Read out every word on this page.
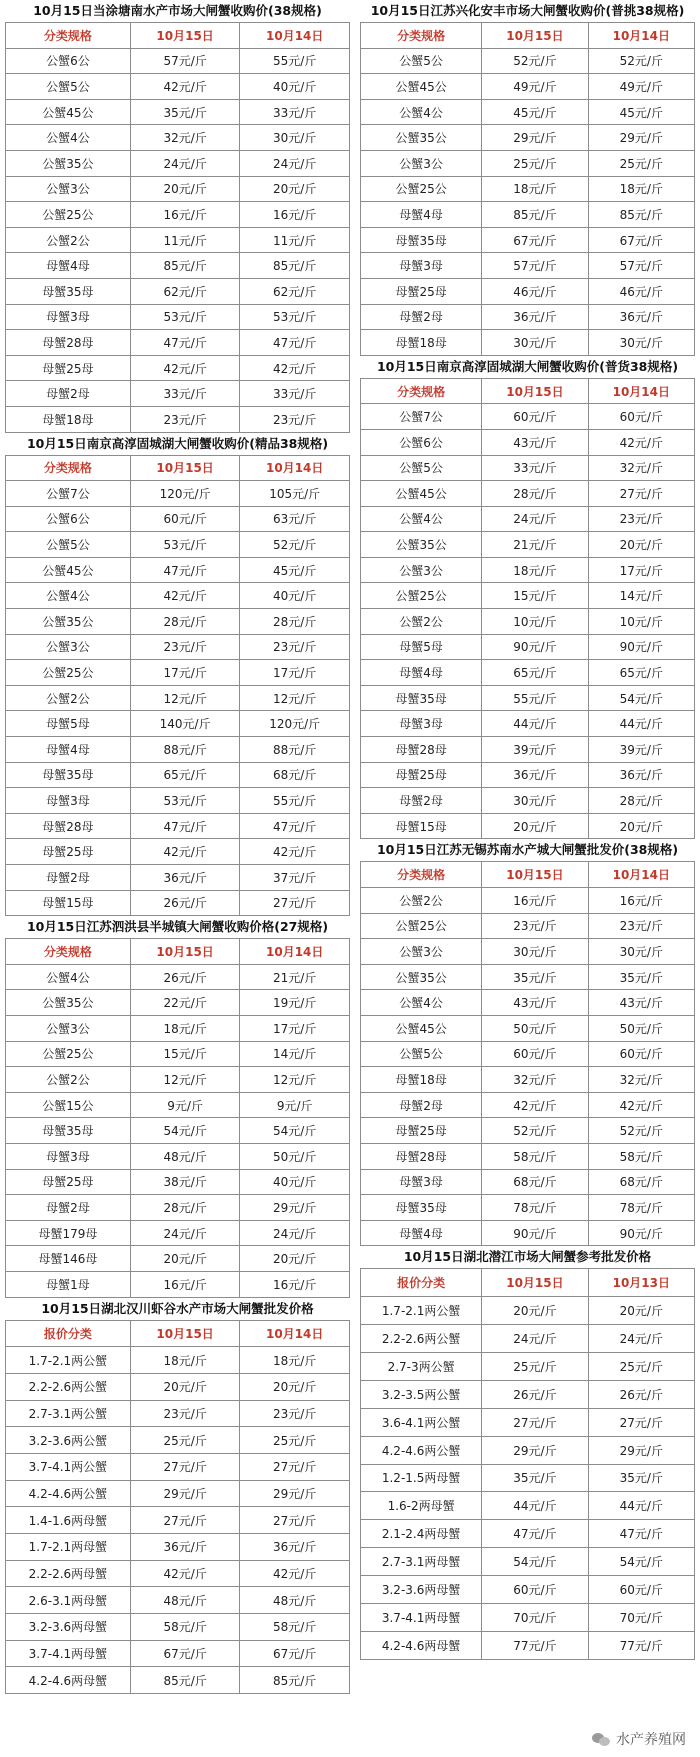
10月15日当涂塘南水产市场大闸蟹收购价(38规格)
分类规格	10月15日	10月14日
公蟹6公	57元/斤	55元/斤
公蟹5公	42元/斤	40元/斤
公蟹45公	35元/斤	33元/斤
公蟹4公	32元/斤	30元/斤
公蟹35公	24元/斤	24元/斤
公蟹3公	20元/斤	20元/斤
公蟹25公	16元/斤	16元/斤
公蟹2公	11元/斤	11元/斤
母蟹4母	85元/斤	85元/斤
母蟹35母	62元/斤	62元/斤
母蟹3母	53元/斤	53元/斤
母蟹28母	47元/斤	47元/斤
母蟹25母	42元/斤	42元/斤
母蟹2母	33元/斤	33元/斤
母蟹18母	23元/斤	23元/斤
10月15日南京高淳固城湖大闸蟹收购价(精品38规格)
分类规格	10月15日	10月14日
公蟹7公	120元/斤	105元/斤
公蟹6公	60元/斤	63元/斤
公蟹5公	53元/斤	52元/斤
公蟹45公	47元/斤	45元/斤
公蟹4公	42元/斤	40元/斤
公蟹35公	28元/斤	28元/斤
公蟹3公	23元/斤	23元/斤
公蟹25公	17元/斤	17元/斤
公蟹2公	12元/斤	12元/斤
母蟹5母	140元/斤	120元/斤
母蟹4母	88元/斤	88元/斤
母蟹35母	65元/斤	68元/斤
母蟹3母	53元/斤	55元/斤
母蟹28母	47元/斤	47元/斤
母蟹25母	42元/斤	42元/斤
母蟹2母	36元/斤	37元/斤
母蟹15母	26元/斤	27元/斤
10月15日江苏泗洪县半城镇大闸蟹收购价格(27规格)
分类规格	10月15日	10月14日
公蟹4公	26元/斤	21元/斤
公蟹35公	22元/斤	19元/斤
公蟹3公	18元/斤	17元/斤
公蟹25公	15元/斤	14元/斤
公蟹2公	12元/斤	12元/斤
公蟹15公	9元/斤	9元/斤
母蟹35母	54元/斤	54元/斤
母蟹3母	48元/斤	50元/斤
母蟹25母	38元/斤	40元/斤
母蟹2母	28元/斤	29元/斤
母蟹179母	24元/斤	24元/斤
母蟹146母	20元/斤	20元/斤
母蟹1母	16元/斤	16元/斤
10月15日湖北汉川虾谷水产市场大闸蟹批发价格
报价分类	10月15日	10月14日
1.7-2.1两公蟹	18元/斤	18元/斤
2.2-2.6两公蟹	20元/斤	20元/斤
2.7-3.1两公蟹	23元/斤	23元/斤
3.2-3.6两公蟹	25元/斤	25元/斤
3.7-4.1两公蟹	27元/斤	27元/斤
4.2-4.6两公蟹	29元/斤	29元/斤
1.4-1.6两母蟹	27元/斤	27元/斤
1.7-2.1两母蟹	36元/斤	36元/斤
2.2-2.6两母蟹	42元/斤	42元/斤
2.6-3.1两母蟹	48元/斤	48元/斤
3.2-3.6两母蟹	58元/斤	58元/斤
3.7-4.1两母蟹	67元/斤	67元/斤
4.2-4.6两母蟹	85元/斤	85元/斤
10月15日江苏兴化安丰市场大闸蟹收购价(普挑38规格)
分类规格	10月15日	10月14日
公蟹5公	52元/斤	52元/斤
公蟹45公	49元/斤	49元/斤
公蟹4公	45元/斤	45元/斤
公蟹35公	29元/斤	29元/斤
公蟹3公	25元/斤	25元/斤
公蟹25公	18元/斤	18元/斤
母蟹4母	85元/斤	85元/斤
母蟹35母	67元/斤	67元/斤
母蟹3母	57元/斤	57元/斤
母蟹25母	46元/斤	46元/斤
母蟹2母	36元/斤	36元/斤
母蟹18母	30元/斤	30元/斤
10月15日南京高淳固城湖大闸蟹收购价(普货38规格)
分类规格	10月15日	10月14日
公蟹7公	60元/斤	60元/斤
公蟹6公	43元/斤	42元/斤
公蟹5公	33元/斤	32元/斤
公蟹45公	28元/斤	27元/斤
公蟹4公	24元/斤	23元/斤
公蟹35公	21元/斤	20元/斤
公蟹3公	18元/斤	17元/斤
公蟹25公	15元/斤	14元/斤
公蟹2公	10元/斤	10元/斤
母蟹5母	90元/斤	90元/斤
母蟹4母	65元/斤	65元/斤
母蟹35母	55元/斤	54元/斤
母蟹3母	44元/斤	44元/斤
母蟹28母	39元/斤	39元/斤
母蟹25母	36元/斤	36元/斤
母蟹2母	30元/斤	28元/斤
母蟹15母	20元/斤	20元/斤
10月15日江苏无锡苏南水产城大闸蟹批发价(38规格)
分类规格	10月15日	10月14日
公蟹2公	16元/斤	16元/斤
公蟹25公	23元/斤	23元/斤
公蟹3公	30元/斤	30元/斤
公蟹35公	35元/斤	35元/斤
公蟹4公	43元/斤	43元/斤
公蟹45公	50元/斤	50元/斤
公蟹5公	60元/斤	60元/斤
母蟹18母	32元/斤	32元/斤
母蟹2母	42元/斤	42元/斤
母蟹25母	52元/斤	52元/斤
母蟹28母	58元/斤	58元/斤
母蟹3母	68元/斤	68元/斤
母蟹35母	78元/斤	78元/斤
母蟹4母	90元/斤	90元/斤
10月15日湖北潜江市场大闸蟹参考批发价格
报价分类	10月15日	10月13日
1.7-2.1两公蟹	20元/斤	20元/斤
2.2-2.6两公蟹	24元/斤	24元/斤
2.7-3两公蟹	25元/斤	25元/斤
3.2-3.5两公蟹	26元/斤	26元/斤
3.6-4.1两公蟹	27元/斤	27元/斤
4.2-4.6两公蟹	29元/斤	29元/斤
1.2-1.5两母蟹	35元/斤	35元/斤
1.6-2两母蟹	44元/斤	44元/斤
2.1-2.4两母蟹	47元/斤	47元/斤
2.7-3.1两母蟹	54元/斤	54元/斤
3.2-3.6两母蟹	60元/斤	60元/斤
3.7-4.1两母蟹	70元/斤	70元/斤
4.2-4.6两母蟹	77元/斤	77元/斤
水产养殖网
